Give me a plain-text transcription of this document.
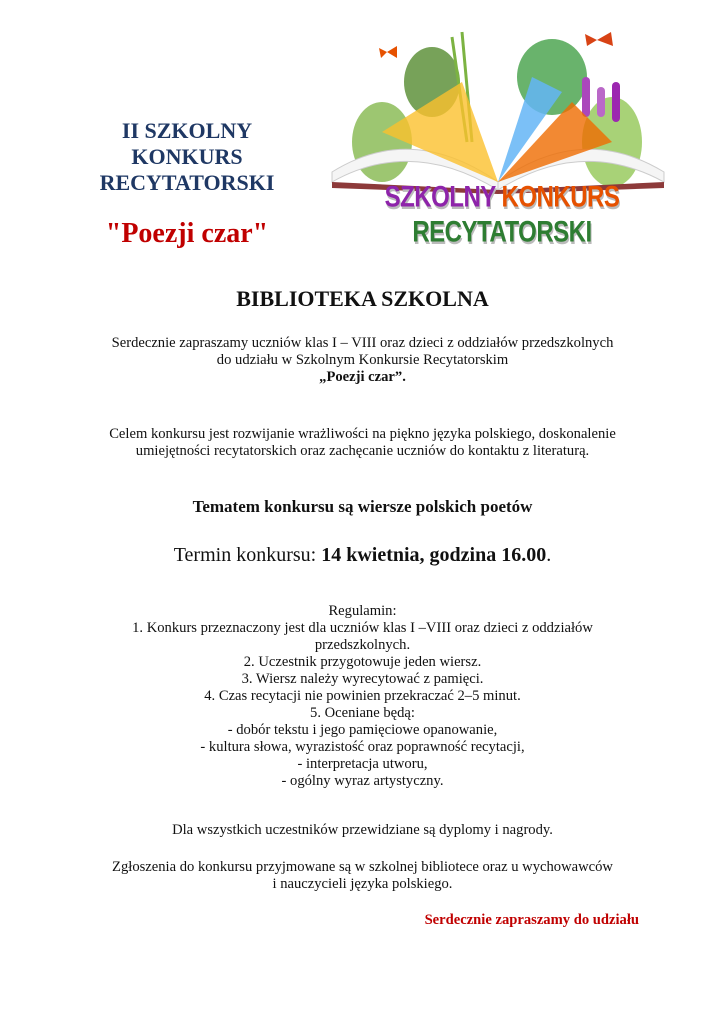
II SZKOLNY
KONKURS
RECYTATORSKI
"Poezji czar"
SZKOLNY KONKURS RECYTATORSKI
BIBLIOTEKA SZKOLNA
Serdecznie zapraszamy uczniów klas I – VIII oraz dzieci z oddziałów przedszkolnych
do udziału w Szkolnym Konkursie Recytatorskim
„Poezji czar”.
Celem konkursu jest rozwijanie wrażliwości na piękno języka polskiego, doskonalenie
umiejętności recytatorskich oraz zachęcanie uczniów do kontaktu z literaturą.
Tematem konkursu są wiersze polskich poetów
Termin konkursu: 14 kwietnia, godzina 16.00.
Regulamin:
1. Konkurs przeznaczony jest dla uczniów klas I –VIII oraz dzieci z oddziałów
przedszkolnych.
2. Uczestnik przygotowuje jeden wiersz.
3. Wiersz należy wyrecytować z pamięci.
4. Czas recytacji nie powinien przekraczać 2–5 minut.
5. Oceniane będą:
- dobór tekstu i jego pamięciowe opanowanie,
- kultura słowa, wyrazistość oraz poprawność recytacji,
- interpretacja utworu,
- ogólny wyraz artystyczny.
Dla wszystkich uczestników przewidziane są dyplomy i nagrody.
Zgłoszenia do konkursu przyjmowane są w szkolnej bibliotece oraz u wychowawców
i nauczycieli języka polskiego.
Serdecznie zapraszamy do udziału
